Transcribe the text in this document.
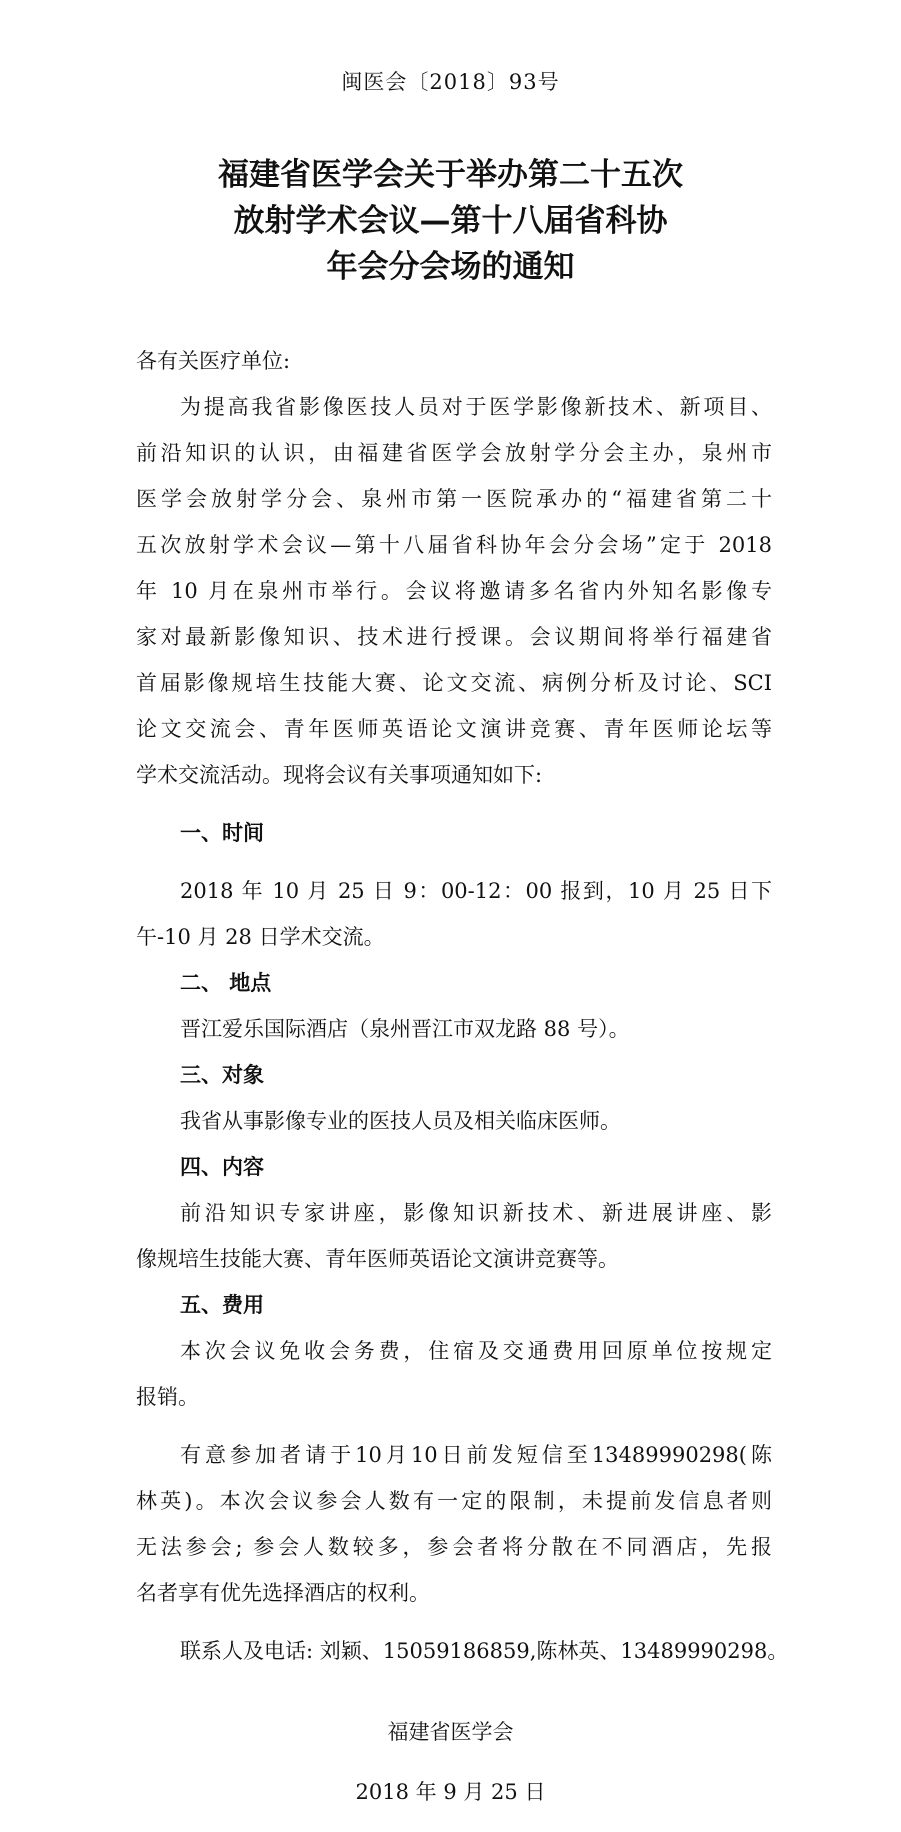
闽医会〔2018〕93号
福建省医学会关于举办第二十五次
放射学术会议—第十八届省科协
年会分会场的通知
各有关医疗单位:
为提高我省影像医技人员对于医学影像新技术、新项目、
前沿知识的认识，由福建省医学会放射学分会主办，泉州市
医学会放射学分会、泉州市第一医院承办的“福建省第二十
五次放射学术会议—第十八届省科协年会分会场”定于 2018
年 10 月在泉州市举行。会议将邀请多名省内外知名影像专
家对最新影像知识、技术进行授课。会议期间将举行福建省
首届影像规培生技能大赛、论文交流、病例分析及讨论、SCI
论文交流会、青年医师英语论文演讲竞赛、青年医师论坛等
学术交流活动。现将会议有关事项通知如下:
一、时间
2018 年 10 月 25 日 9：00-12：00 报到，10 月 25 日下
午-10 月 28 日学术交流。
二、 地点
晋江爱乐国际酒店（泉州晋江市双龙路 88 号）。
三、对象
我省从事影像专业的医技人员及相关临床医师。
四、内容
前沿知识专家讲座，影像知识新技术、新进展讲座、影
像规培生技能大赛、青年医师英语论文演讲竞赛等。
五、费用
本次会议免收会务费，住宿及交通费用回原单位按规定
报销。
有意参加者请于10月10日前发短信至13489990298(陈
林英)。本次会议参会人数有一定的限制，未提前发信息者则
无法参会; 参会人数较多，参会者将分散在不同酒店，先报
名者享有优先选择酒店的权利。
联系人及电话: 刘颖、15059186859,陈林英、13489990298。
福建省医学会
2018 年 9 月 25 日
